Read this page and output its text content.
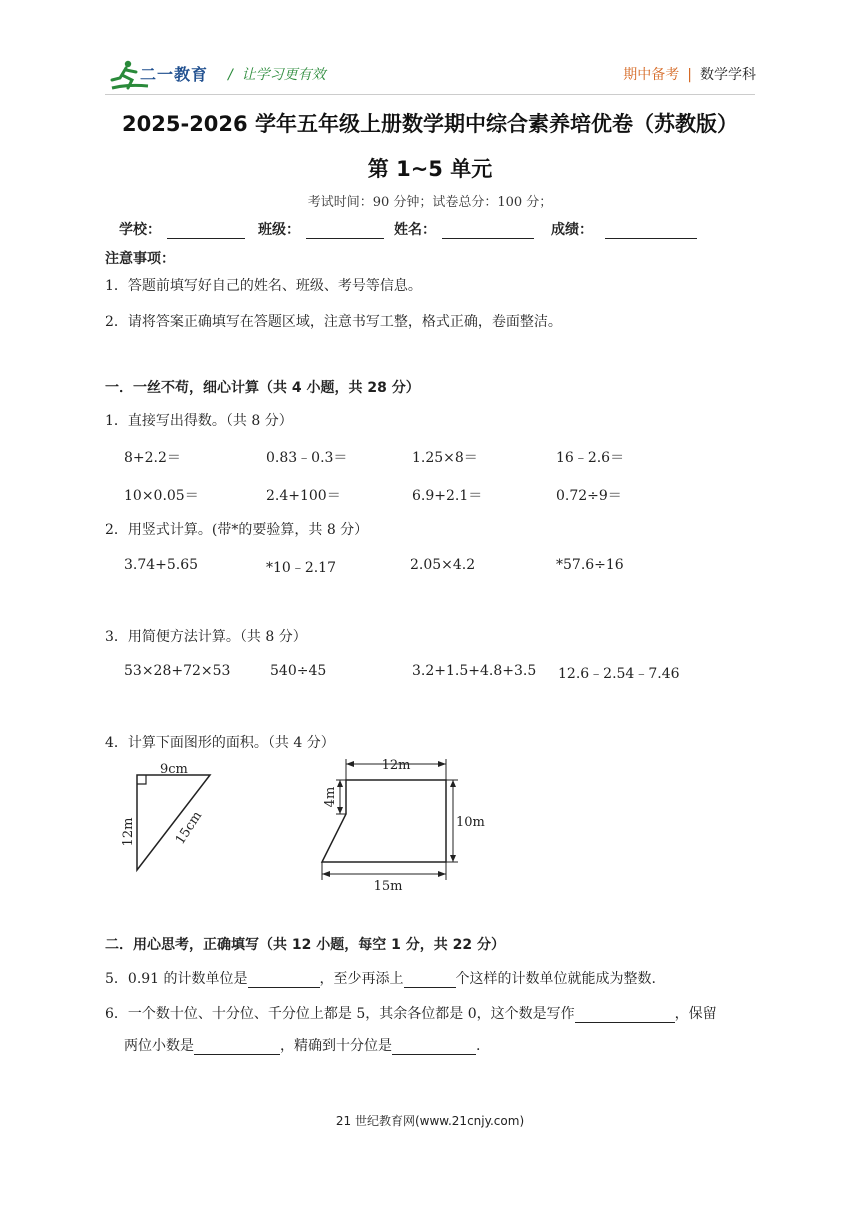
二一教育 /  让学习更有效	期中备考 | 数学学科
2025-2026 学年五年级上册数学期中综合素养培优卷（苏教版）
第 1~5 单元
考试时间：90 分钟；试卷总分：100 分；
学校：	班级：	姓名：	成绩：
注意事项：
1．答题前填写好自己的姓名、班级、考号等信息。
2．请将答案正确填写在答题区域，注意书写工整，格式正确，卷面整洁。
一．一丝不苟，细心计算（共 4 小题，共 28 分）
1．直接写出得数。（共 8 分）
8+2.2＝	0.83﹣0.3＝	1.25×8＝	16﹣2.6＝
10×0.05＝	2.4+100＝	6.9+2.1＝	0.72÷9＝
2．用竖式计算。(带*的要验算，共 8 分）
3.74+5.65	*10﹣2.17	2.05×4.2	*57.6÷16
3．用简便方法计算。（共 8 分）
53×28+72×53	540÷45	3.2+1.5+4.8+3.5 12.6﹣2.54﹣7.46
4．计算下面图形的面积。（共 4 分）
9cm
12m	15cm
12m
4m
10m
15m
二．用心思考，正确填写（共 12 小题，每空 1 分，共 22 分）
5．0.91 的计数单位是	，至少再添上	个这样的计数单位就能成为整数.
6．一个数十位、十分位、千分位上都是 5，其余各位都是 0，这个数是写作	，保留
两位小数是	，精确到十分位是	.
21 世纪教育网(www.21cnjy.com)
